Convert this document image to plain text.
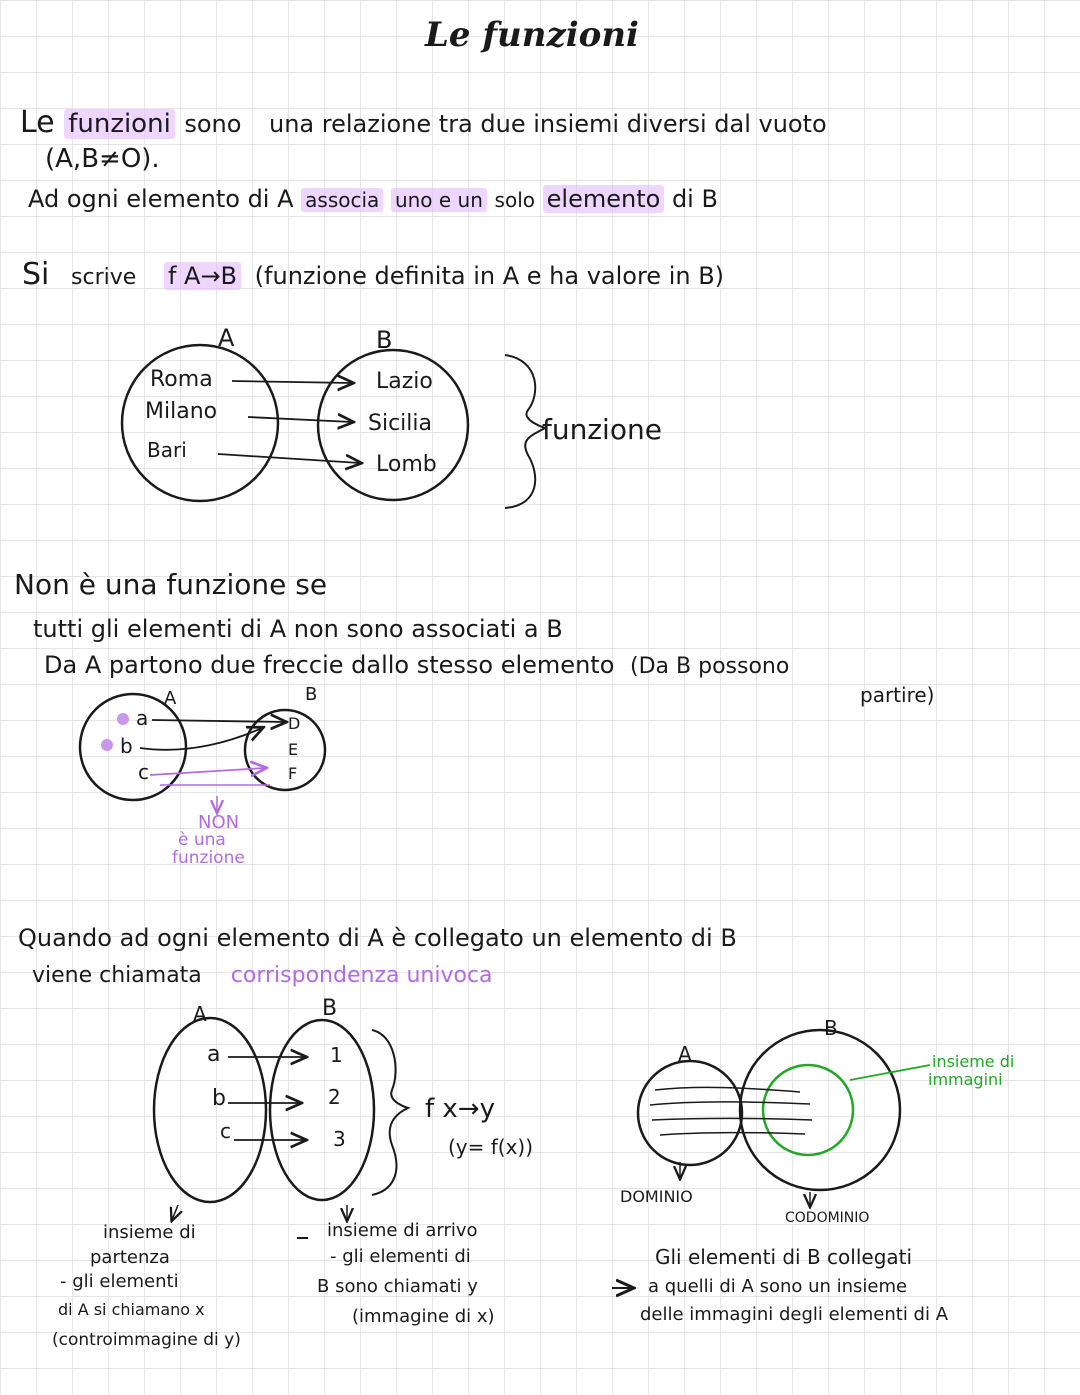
Le funzioni
Le funzioni sono una relazione tra due insiemi diversi dal vuoto
(A,B≠O).
Ad ogni elemento di A associa uno e un solo elemento di B
Si scrive f A→B (funzione definita in A e ha valore in B)
A	B
Roma
Milano
Bari
Lazio
Sicilia
Lomb
funzione
Non è una funzione se
tutti gli elementi di A non sono associati a B
Da A partono due freccie dallo stesso elemento (Da B possono
partire)
A	B
a
b
c
D
E
F
NON
è una
funzione
Quando ad ogni elemento di A è collegato un elemento di B
viene chiamata corrispondenza univoca
A	B
a
b
c
1
2
3
f x→y
(y= f(x))
insieme di
partenza
- gli elementi
di A si chiamano x
(controimmagine di y)
insieme di arrivo
- gli elementi di
B sono chiamati y
(immagine di x)
A
B
insieme di
immagini
DOMINIO
CODOMINIO
Gli elementi di B collegati
a quelli di A sono un insieme
delle immagini degli elementi di A
